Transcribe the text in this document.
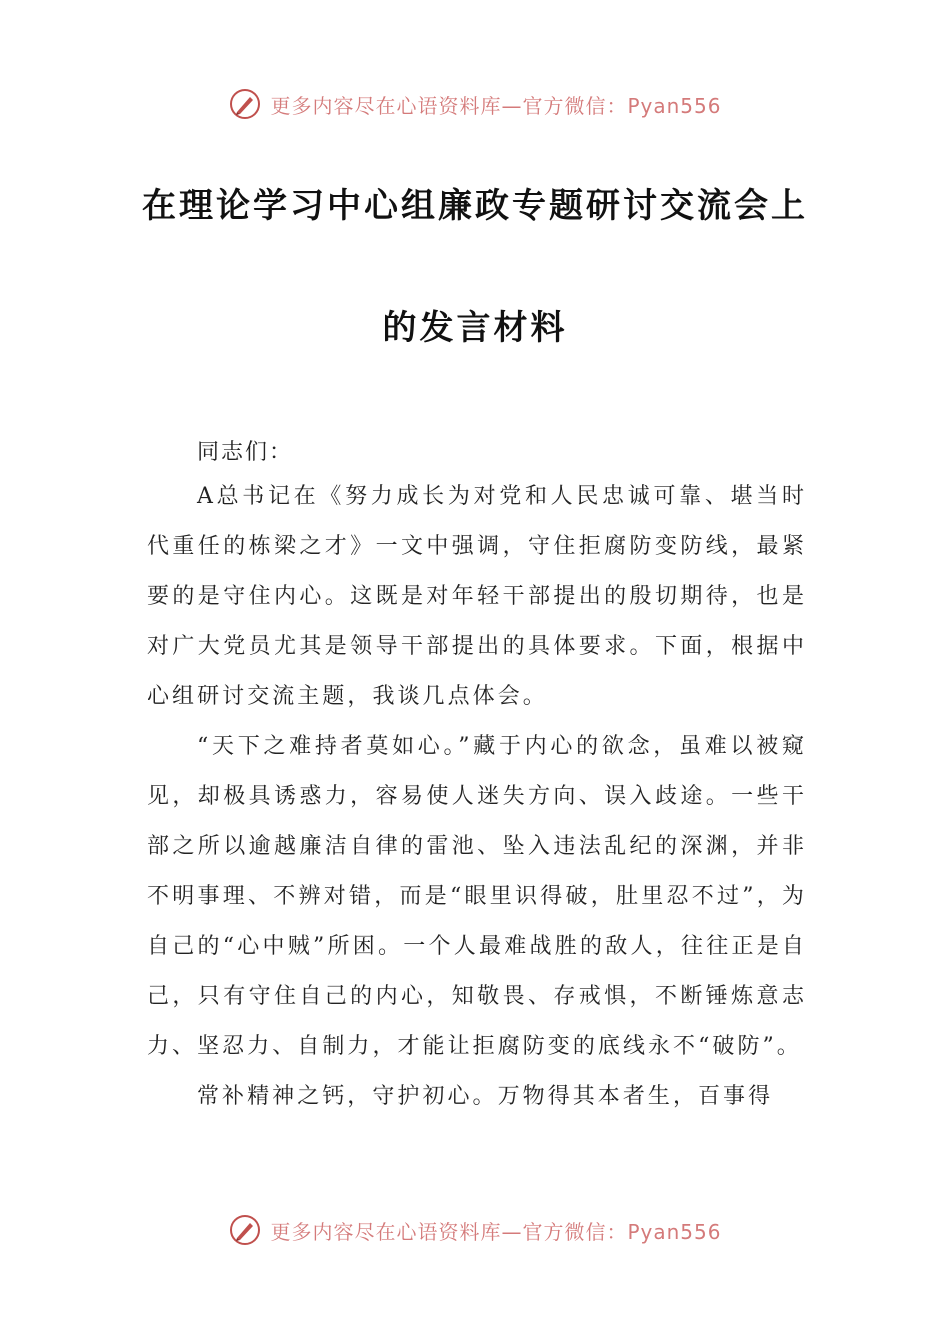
更多内容尽在心语资料库—官方微信：Pyan556
在理论学习中心组廉政专题研讨交流会上
的发言材料

同志们：

A总书记在《努力成长为对党和人民忠诚可靠、堪当时代重任的栋梁之才》一文中强调，守住拒腐防变防线，最紧要的是守住内心。这既是对年轻干部提出的殷切期待，也是对广大党员尤其是领导干部提出的具体要求。下面，根据中心组研讨交流主题，我谈几点体会。

“天下之难持者莫如心。”藏于内心的欲念，虽难以被窥见，却极具诱惑力，容易使人迷失方向、误入歧途。一些干部之所以逾越廉洁自律的雷池、坠入违法乱纪的深渊，并非不明事理、不辨对错，而是“眼里识得破，肚里忍不过”，为自己的“心中贼”所困。一个人最难战胜的敌人，往往正是自己，只有守住自己的内心，知敬畏、存戒惧，不断锤炼意志力、坚忍力、自制力，才能让拒腐防变的底线永不“破防”。

常补精神之钙，守护初心。万物得其本者生，百事得

更多内容尽在心语资料库—官方微信：Pyan556
